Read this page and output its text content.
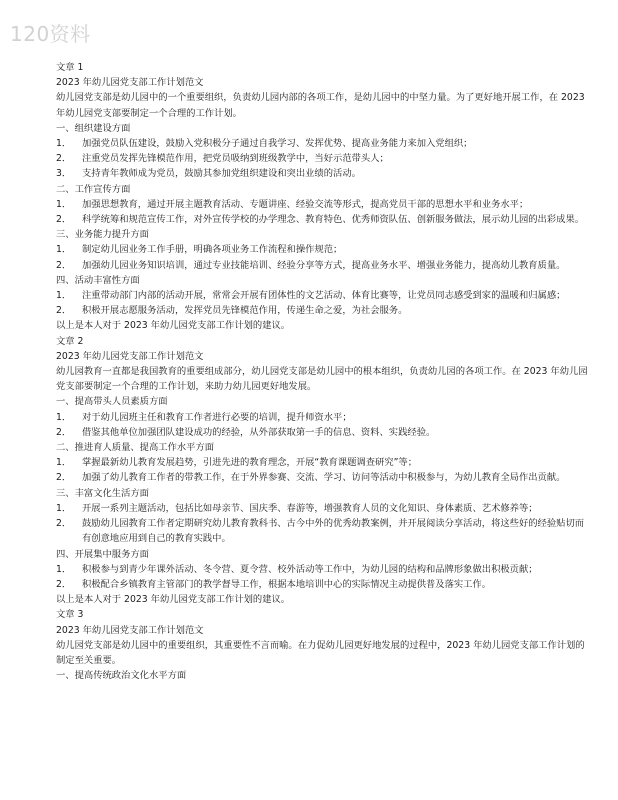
120资料
文章 1
2023 年幼儿园党支部工作计划范文
幼儿园党支部是幼儿园中的一个重要组织，负责幼儿园内部的各项工作，是幼儿园中的中坚力量。为了更好地开展工作，在 2023 年幼儿园党支部要制定一个合理的工作计划。
一、组织建设方面
1．	加强党员队伍建设，鼓励入党积极分子通过自我学习、发挥优势、提高业务能力来加入党组织；
2．	注重党员发挥先锋模范作用，把党员吸纳到班级教学中，当好示范带头人；
3．	支持青年教师成为党员，鼓励其参加党组织建设和突出业绩的活动。
二、工作宣传方面
1．	加强思想教育，通过开展主题教育活动、专题讲座、经验交流等形式，提高党员干部的思想水平和业务水平；
2．	科学统筹和规范宣传工作，对外宣传学校的办学理念、教育特色、优秀师资队伍、创新服务做法，展示幼儿园的出彩成果。
三、业务能力提升方面
1．	制定幼儿园业务工作手册，明确各项业务工作流程和操作规范；
2．	加强幼儿园业务知识培训，通过专业技能培训、经验分享等方式，提高业务水平、增强业务能力，提高幼儿教育质量。
四、活动丰富性方面
1．	注重带动部门内部的活动开展，常常会开展有团体性的文艺活动、体育比赛等，让党员同志感受到家的温暖和归属感；
2．	积极开展志愿服务活动，发挥党员先锋模范作用，传递生命之爱，为社会服务。
以上是本人对于 2023 年幼儿园党支部工作计划的建议。
文章 2
2023 年幼儿园党支部工作计划范文
幼儿园教育一直都是我国教育的重要组成部分，幼儿园党支部是幼儿园中的根本组织，负责幼儿园的各项工作。在 2023 年幼儿园党支部要制定一个合理的工作计划，来助力幼儿园更好地发展。
一、提高带头人员素质方面
1．	对于幼儿园班主任和教育工作者进行必要的培训，提升师资水平；
2．	借鉴其他单位加强团队建设成功的经验，从外部获取第一手的信息、资料、实践经验。
二、推进育人质量、提高工作水平方面
1．	掌握最新幼儿教育发展趋势，引进先进的教育理念，开展“教育课题调查研究”等；
2．	加强了幼儿教育工作者的带教工作，在于外界参赛、交流、学习、访问等活动中积极参与，为幼儿教育全局作出贡献。
三、丰富文化生活方面
1．	开展一系列主题活动，包括比如母亲节、国庆季、春游等，增强教育人员的文化知识、身体素质、艺术修养等；
2．	鼓励幼儿园教育工作者定期研究幼儿教育教科书、古今中外的优秀幼教案例，并开展阅读分享活动，将这些好的经验贴切而有创意地应用到自己的教育实践中。
四、开展集中服务方面
1．	积极参与到青少年课外活动、冬令营、夏令营、校外活动等工作中，为幼儿园的结构和品牌形象做出积极贡献；
2．	积极配合乡镇教育主管部门的教学督导工作，根据本地培训中心的实际情况主动提供普及落实工作。
以上是本人对于 2023 年幼儿园党支部工作计划的建议。
文章 3
2023 年幼儿园党支部工作计划范文
幼儿园党支部是幼儿园中的重要组织，其重要性不言而喻。在力促幼儿园更好地发展的过程中，2023 年幼儿园党支部工作计划的制定至关重要。
一、提高传统政治文化水平方面
